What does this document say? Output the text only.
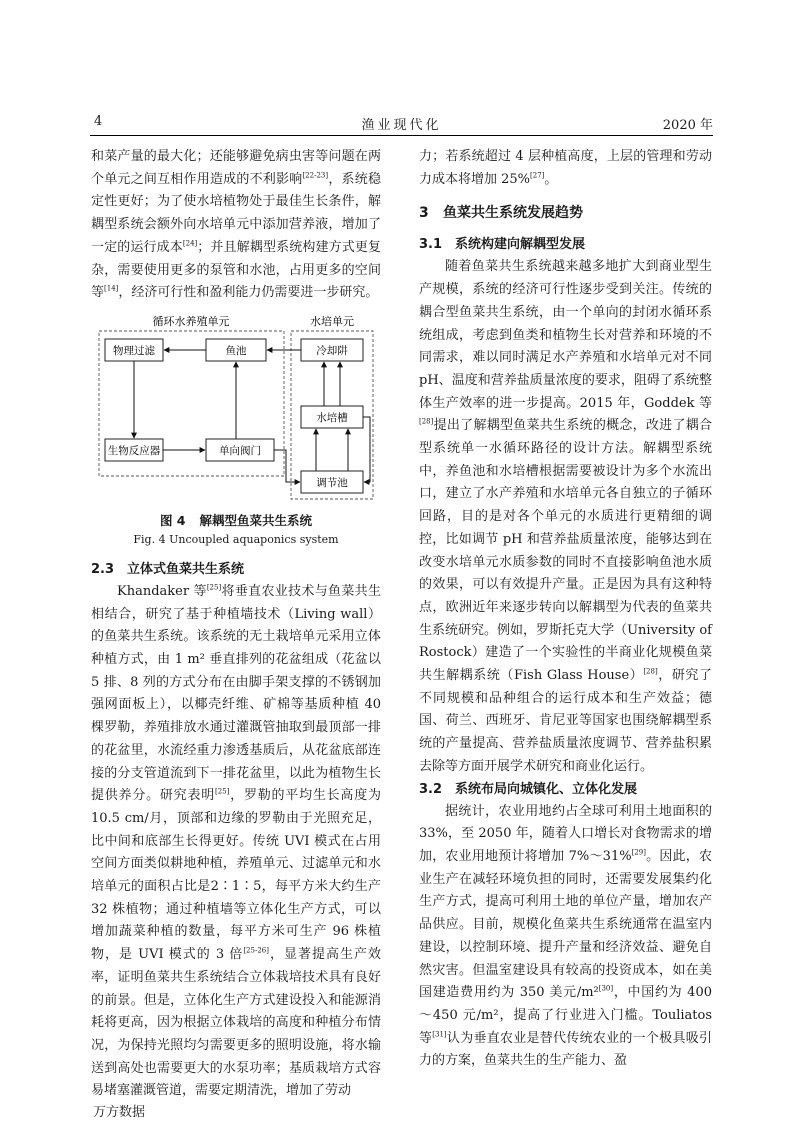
4	渔业现代化	2020 年

和菜产量的最大化；还能够避免病虫害等问题在两个单元之间互相作用造成的不利影响[22-23]，系统稳定性更好；为了使水培植物处于最佳生长条件，解耦型系统会额外向水培单元中添加营养液，增加了一定的运行成本[24]；并且解耦型系统构建方式更复杂，需要使用更多的泵管和水池，占用更多的空间等[14]，经济可行性和盈利能力仍需要进一步研究。

循环水养殖单元	水培单元
物理过滤	鱼池	冷却阱
水培槽
生物反应器	单向阀门
调节池
图 4 解耦型鱼菜共生系统
Fig. 4 Uncoupled aquaponics system
2.3 立体式鱼菜共生系统

Khandaker 等[25]将垂直农业技术与鱼菜共生相结合，研究了基于种植墙技术（Living wall）的鱼菜共生系统。该系统的无土栽培单元采用立体种植方式，由 1 m² 垂直排列的花盆组成（花盆以 5 排、8 列的方式分布在由脚手架支撑的不锈钢加强网面板上），以椰壳纤维、矿棉等基质种植 40 棵罗勒，养殖排放水通过灌溉管抽取到最顶部一排的花盆里，水流经重力渗透基质后，从花盆底部连接的分支管道流到下一排花盆里，以此为植物生长提供养分。研究表明[25]，罗勒的平均生长高度为 10.5 cm/月，顶部和边缘的罗勒由于光照充足，比中间和底部生长得更好。传统 UVI 模式在占用空间方面类似耕地种植，养殖单元、过滤单元和水培单元的面积占比是2∶1∶5，每平方米大约生产 32 株植物；通过种植墙等立体化生产方式，可以增加蔬菜种植的数量，每平方米可生产 96 株植物，是 UVI 模式的 3 倍[25-26]，显著提高生产效率，证明鱼菜共生系统结合立体栽培技术具有良好的前景。但是，立体化生产方式建设投入和能源消耗将更高，因为根据立体栽培的高度和种植分布情况，为保持光照均匀需要更多的照明设施，将水输送到高处也需要更大的水泵功率；基质栽培方式容易堵塞灌溉管道，需要定期清洗，增加了劳动

力；若系统超过 4 层种植高度，上层的管理和劳动力成本将增加 25%[27]。

3 鱼菜共生系统发展趋势
3.1 系统构建向解耦型发展

随着鱼菜共生系统越来越多地扩大到商业型生产规模，系统的经济可行性逐步受到关注。传统的耦合型鱼菜共生系统，由一个单向的封闭水循环系统组成，考虑到鱼类和植物生长对营养和环境的不同需求，难以同时满足水产养殖和水培单元对不同 pH、温度和营养盐质量浓度的要求，阻碍了系统整体生产效率的进一步提高。2015 年，Goddek 等[28]提出了解耦型鱼菜共生系统的概念，改进了耦合型系统单一水循环路径的设计方法。解耦型系统中，养鱼池和水培槽根据需要被设计为多个水流出口，建立了水产养殖和水培单元各自独立的子循环回路，目的是对各个单元的水质进行更精细的调控，比如调节 pH 和营养盐质量浓度，能够达到在改变水培单元水质参数的同时不直接影响鱼池水质的效果，可以有效提升产量。正是因为具有这种特点，欧洲近年来逐步转向以解耦型为代表的鱼菜共生系统研究。例如，罗斯托克大学（University of Rostock）建造了一个实验性的半商业化规模鱼菜共生解耦系统（Fish Glass House）[28]，研究了不同规模和品种组合的运行成本和生产效益；德国、荷兰、西班牙、肯尼亚等国家也围绕解耦型系统的产量提高、营养盐质量浓度调节、营养盐积累去除等方面开展学术研究和商业化运行。

3.2 系统布局向城镇化、立体化发展

据统计，农业用地约占全球可利用土地面积的 33%，至 2050 年，随着人口增长对食物需求的增加，农业用地预计将增加 7%～31%[29]。因此，农业生产在减轻环境负担的同时，还需要发展集约化生产方式，提高可利用土地的单位产量，增加农产品供应。目前，规模化鱼菜共生系统通常在温室内建设，以控制环境、提升产量和经济效益、避免自然灾害。但温室建设具有较高的投资成本，如在美国建造费用约为 350 美元/m²[30]，中国约为 400～450 元/m²，提高了行业进入门槛。Touliatos 等[31]认为垂直农业是替代传统农业的一个极具吸引力的方案，鱼菜共生的生产能力、盈

万方数据
